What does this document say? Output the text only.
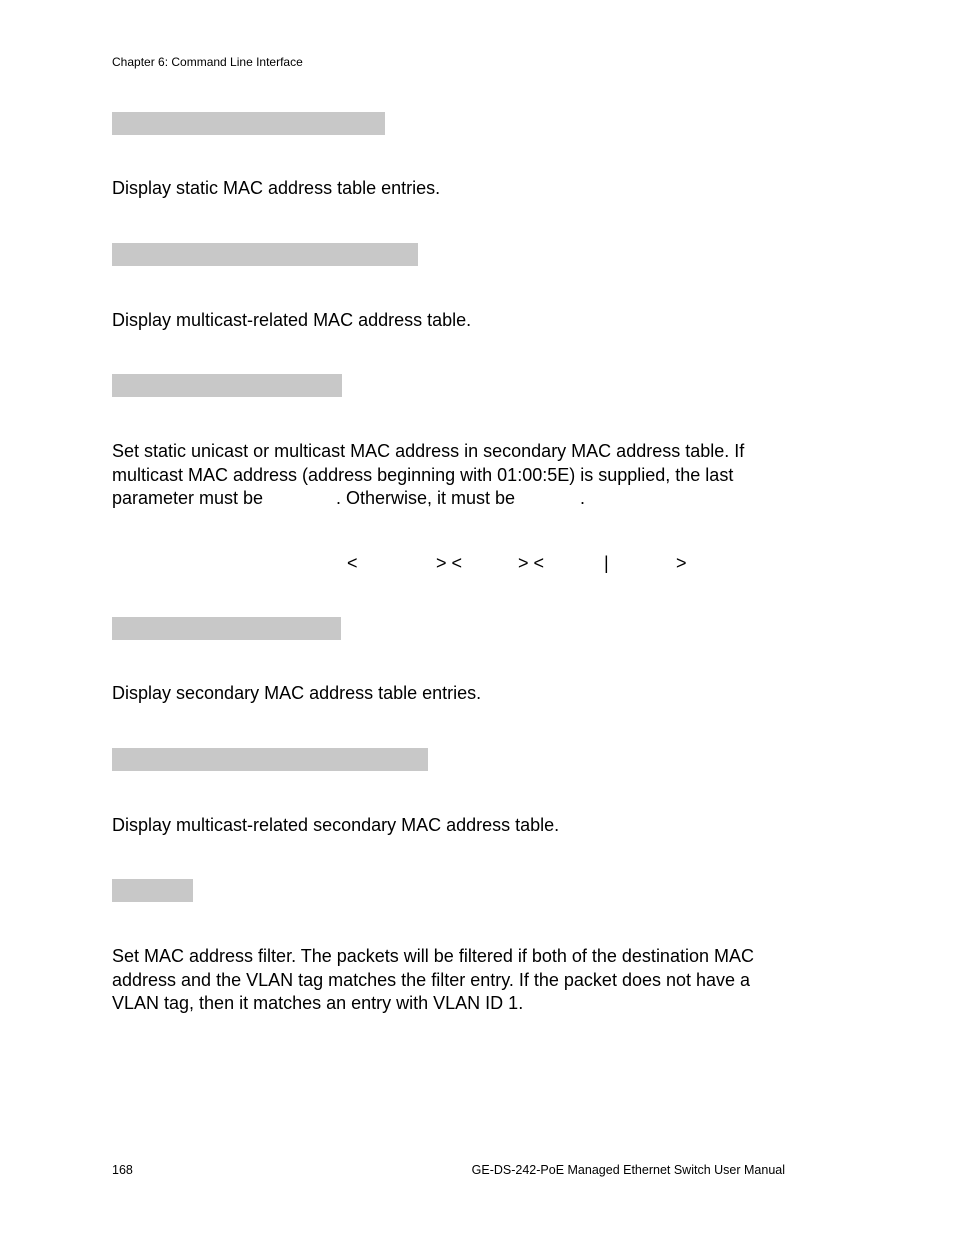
Chapter 6: Command Line Interface
Display static MAC address table entries.
Display multicast-related MAC address table.
Set static unicast or multicast MAC address in secondary MAC address table. If
multicast MAC address (address beginning with 01:00:5E) is supplied, the last
parameter must be	. Otherwise, it must be	.
<	> <	> <	|	>
Display secondary MAC address table entries.
Display multicast-related secondary MAC address table.
Set MAC address filter. The packets will be filtered if both of the destination MAC
address and the VLAN tag matches the filter entry. If the packet does not have a
VLAN tag, then it matches an entry with VLAN ID 1.
168	GE-DS-242-PoE Managed Ethernet Switch User Manual
